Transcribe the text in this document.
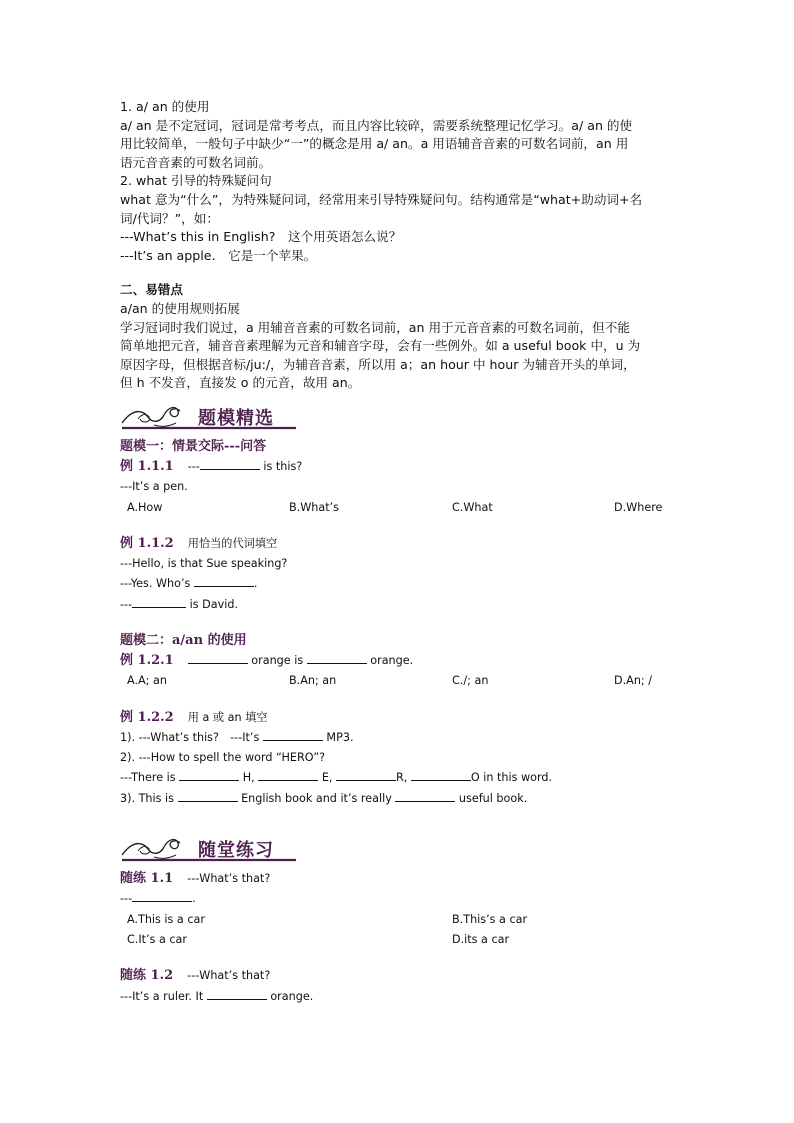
1. a/ an 的使用

a/ an 是不定冠词，冠词是常考考点，而且内容比较碎，需要系统整理记忆学习。a/ an 的使

用比较简单，一般句子中缺少“一”的概念是用 a/ an。a 用语辅音音素的可数名词前，an 用

语元音音素的可数名词前。

2. what 引导的特殊疑问句

what 意为“什么”，为特殊疑问词，经常用来引导特殊疑问句。结构通常是“what+助动词+名

词/代词？”，如：

---What’s this in English?　这个用英语怎么说？

---It’s an apple.　它是一个苹果。

二、易错点

a/an 的使用规则拓展

学习冠词时我们说过，a 用辅音音素的可数名词前，an 用于元音音素的可数名词前，但不能

简单地把元音，辅音音素理解为元音和辅音字母，会有一些例外。如 a useful book 中，u 为

原因字母，但根据音标/ju:/，为辅音音素，所以用 a；an hour 中 hour 为辅音开头的单词，

但 h 不发音，直接发 o 的元音，故用 an。

题模精选

题模一：情景交际---问答

例 1.1.1 ---	is this?

---It’s a pen.

A.How	B.What’s	C.What	D.Where

例 1.1.2 用恰当的代词填空

---Hello, is that Sue speaking?

---Yes. Who’s	.

---	is David.

题模二：a/an 的使用

例 1.2.1	orange is	orange.

A.A; an	B.An; an	C./; an	D.An; /

例 1.2.2 用 a 或 an 填空

1). ---What’s this?　---It’s	MP3.

2). ---How to spell the word “HERO”?

---There is	H,	E,	R,	O in this word.

3). This is	English book and it’s really	useful book.

随堂练习

随练 1.1 ---What’s that?

---	.

A.This is a car	B.This’s a car
C.It’s a car	D.its a car

随练 1.2 ---What’s that?

---It’s a ruler. It	orange.
